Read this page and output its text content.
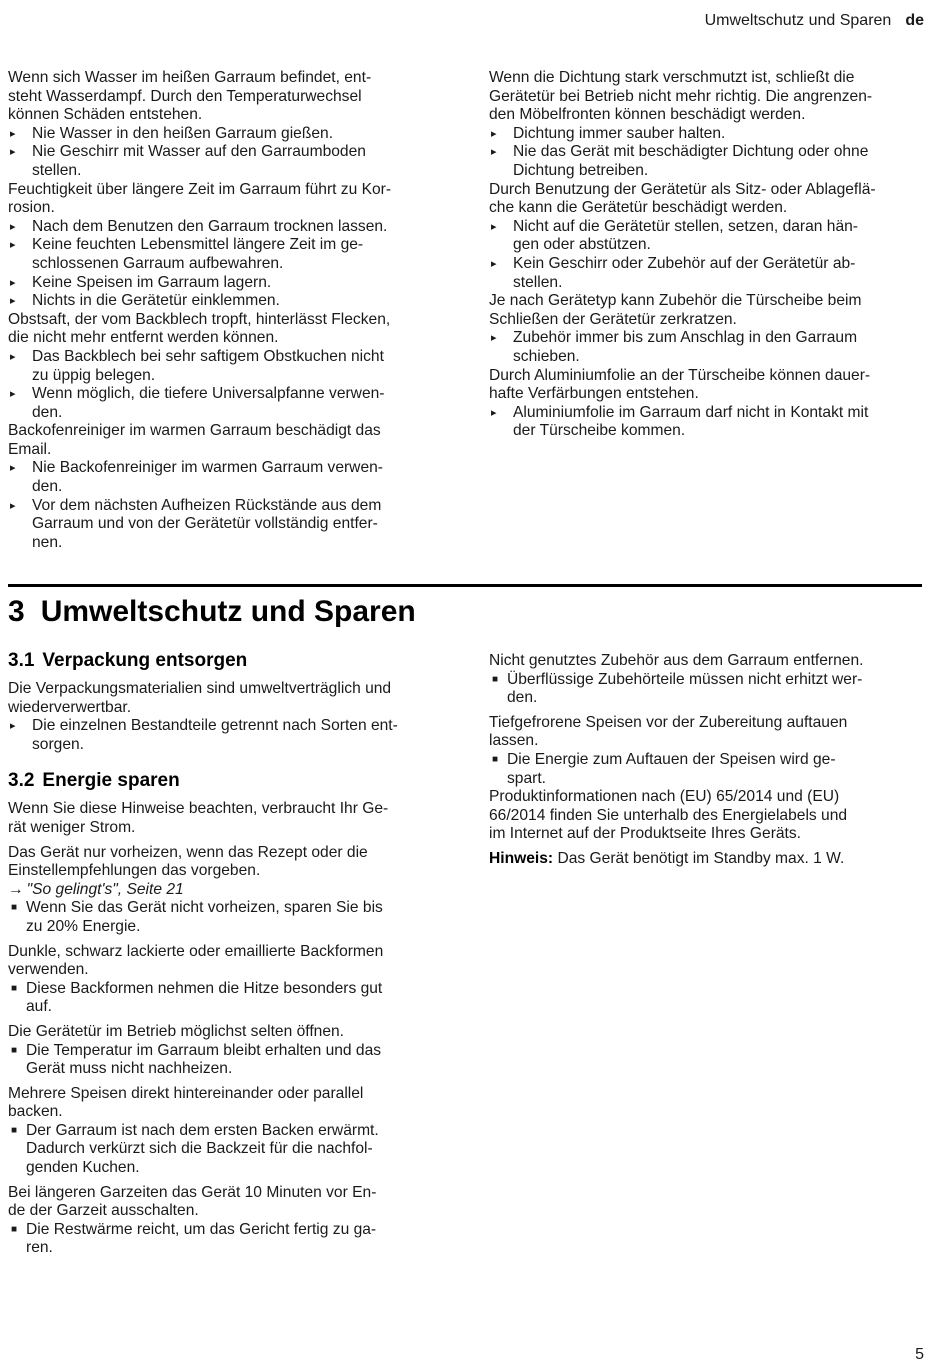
Umweltschutz und Sparen de

Wenn sich Wasser im heißen Garraum befindet, ent-
steht Wasserdampf. Durch den Temperaturwechsel
können Schäden entstehen.

▸ Nie Wasser in den heißen Garraum gießen.
▸ Nie Geschirr mit Wasser auf den Garraumboden
stellen.

Feuchtigkeit über längere Zeit im Garraum führt zu Kor-
rosion.

▸ Nach dem Benutzen den Garraum trocknen lassen.
▸ Keine feuchten Lebensmittel längere Zeit im ge-
schlossenen Garraum aufbewahren.
▸ Keine Speisen im Garraum lagern.
▸ Nichts in die Gerätetür einklemmen.

Obstsaft, der vom Backblech tropft, hinterlässt Flecken,
die nicht mehr entfernt werden können.

▸ Das Backblech bei sehr saftigem Obstkuchen nicht
zu üppig belegen.
▸ Wenn möglich, die tiefere Universalpfanne verwen-
den.

Backofenreiniger im warmen Garraum beschädigt das
Email.

▸ Nie Backofenreiniger im warmen Garraum verwen-
den.
▸ Vor dem nächsten Aufheizen Rückstände aus dem
Garraum und von der Gerätetür vollständig entfer-
nen.

Wenn die Dichtung stark verschmutzt ist, schließt die
Gerätetür bei Betrieb nicht mehr richtig. Die angrenzen-
den Möbelfronten können beschädigt werden.

▸ Dichtung immer sauber halten.
▸ Nie das Gerät mit beschädigter Dichtung oder ohne
Dichtung betreiben.

Durch Benutzung der Gerätetür als Sitz- oder Ablageflä-
che kann die Gerätetür beschädigt werden.

▸ Nicht auf die Gerätetür stellen, setzen, daran hän-
gen oder abstützen.
▸ Kein Geschirr oder Zubehör auf der Gerätetür ab-
stellen.

Je nach Gerätetyp kann Zubehör die Türscheibe beim
Schließen der Gerätetür zerkratzen.

▸ Zubehör immer bis zum Anschlag in den Garraum
schieben.

Durch Aluminiumfolie an der Türscheibe können dauer-
hafte Verfärbungen entstehen.

▸ Aluminiumfolie im Garraum darf nicht in Kontakt mit
der Türscheibe kommen.
3 Umweltschutz und Sparen
3.1 Verpackung entsorgen

Die Verpackungsmaterialien sind umweltverträglich und
wiederverwertbar.

▸ Die einzelnen Bestandteile getrennt nach Sorten ent-
sorgen.
3.2 Energie sparen

Wenn Sie diese Hinweise beachten, verbraucht Ihr Ge-
rät weniger Strom.

Das Gerät nur vorheizen, wenn das Rezept oder die
Einstellempfehlungen das vorgeben.

→ "So gelingt's", Seite 21

■ Wenn Sie das Gerät nicht vorheizen, sparen Sie bis
zu 20% Energie.

Dunkle, schwarz lackierte oder emaillierte Backformen
verwenden.

■ Diese Backformen nehmen die Hitze besonders gut
auf.

Die Gerätetür im Betrieb möglichst selten öffnen.

■ Die Temperatur im Garraum bleibt erhalten und das
Gerät muss nicht nachheizen.

Mehrere Speisen direkt hintereinander oder parallel
backen.

■ Der Garraum ist nach dem ersten Backen erwärmt.
Dadurch verkürzt sich die Backzeit für die nachfol-
genden Kuchen.

Bei längeren Garzeiten das Gerät 10 Minuten vor En-
de der Garzeit ausschalten.

■ Die Restwärme reicht, um das Gericht fertig zu ga-
ren.

Nicht genutztes Zubehör aus dem Garraum entfernen.

■ Überflüssige Zubehörteile müssen nicht erhitzt wer-
den.

Tiefgefrorene Speisen vor der Zubereitung auftauen
lassen.

■ Die Energie zum Auftauen der Speisen wird ge-
spart.

Produktinformationen nach (EU) 65/2014 und (EU)
66/2014 finden Sie unterhalb des Energielabels und
im Internet auf der Produktseite Ihres Geräts.

Hinweis: Das Gerät benötigt im Standby max. 1 W.

5
